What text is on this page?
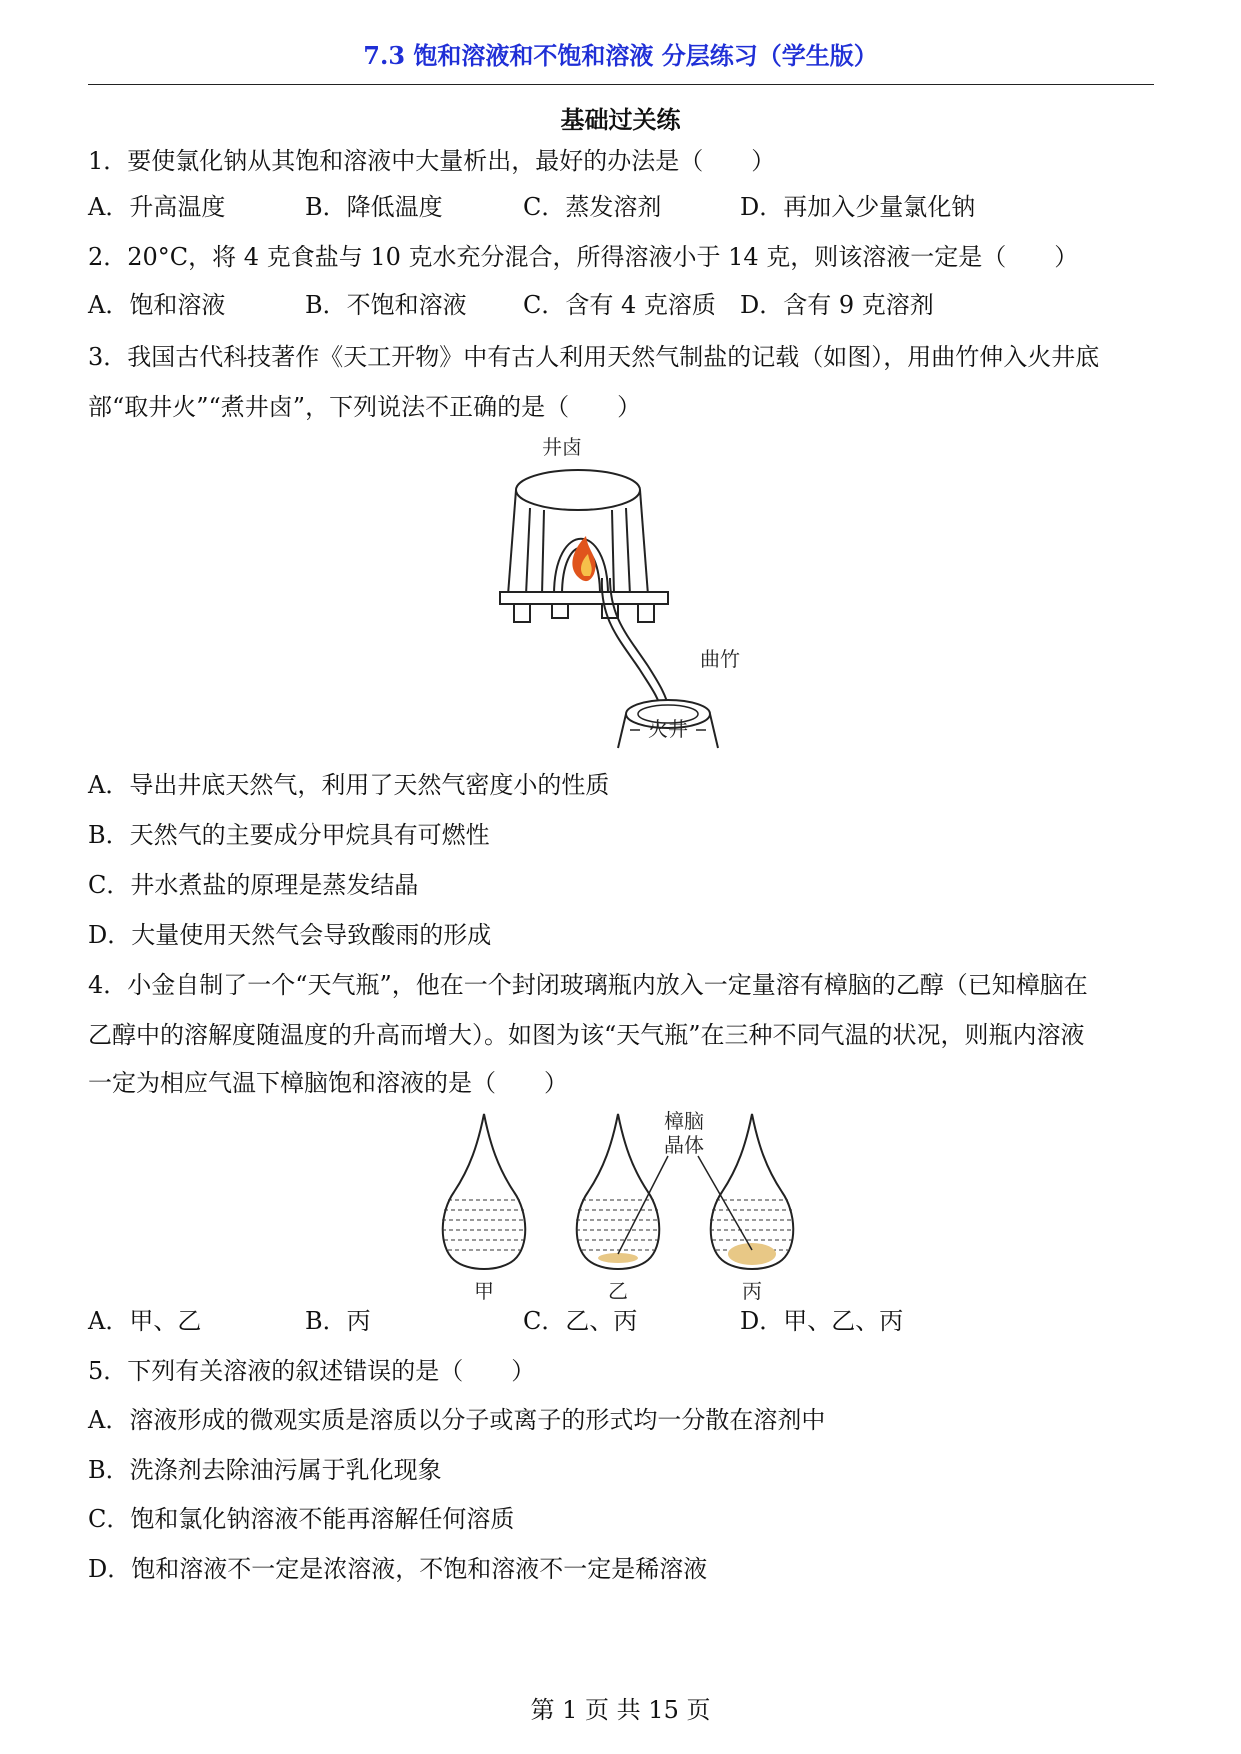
7.3 饱和溶液和不饱和溶液 分层练习（学生版）
基础过关练
1．要使氯化钠从其饱和溶液中大量析出，最好的办法是（　　）
A．升高温度	B．降低温度	C．蒸发溶剂	D．再加入少量氯化钠
2．20°C，将 4 克食盐与 10 克水充分混合，所得溶液小于 14 克，则该溶液一定是（　　）
A．饱和溶液	B．不饱和溶液 C．含有 4 克溶质 D．含有 9 克溶剂
3．我国古代科技著作《天工开物》中有古人利用天然气制盐的记载（如图），用曲竹伸入火井底
部“取井火”“煮井卤”，下列说法不正确的是（　　）
井卤
曲竹
火井
A．导出井底天然气，利用了天然气密度小的性质
B．天然气的主要成分甲烷具有可燃性
C．井水煮盐的原理是蒸发结晶
D．大量使用天然气会导致酸雨的形成
4．小金自制了一个“天气瓶”，他在一个封闭玻璃瓶内放入一定量溶有樟脑的乙醇（已知樟脑在
乙醇中的溶解度随温度的升高而增大）。如图为该“天气瓶”在三种不同气温的状况，则瓶内溶液
一定为相应气温下樟脑饱和溶液的是（　　）
甲	乙	丙
樟脑
晶体
A．甲、乙	B．丙	C．乙、丙	D．甲、乙、丙
5．下列有关溶液的叙述错误的是（　　）
A．溶液形成的微观实质是溶质以分子或离子的形式均一分散在溶剂中
B．洗涤剂去除油污属于乳化现象
C．饱和氯化钠溶液不能再溶解任何溶质
D．饱和溶液不一定是浓溶液，不饱和溶液不一定是稀溶液
第 1 页 共 15 页
